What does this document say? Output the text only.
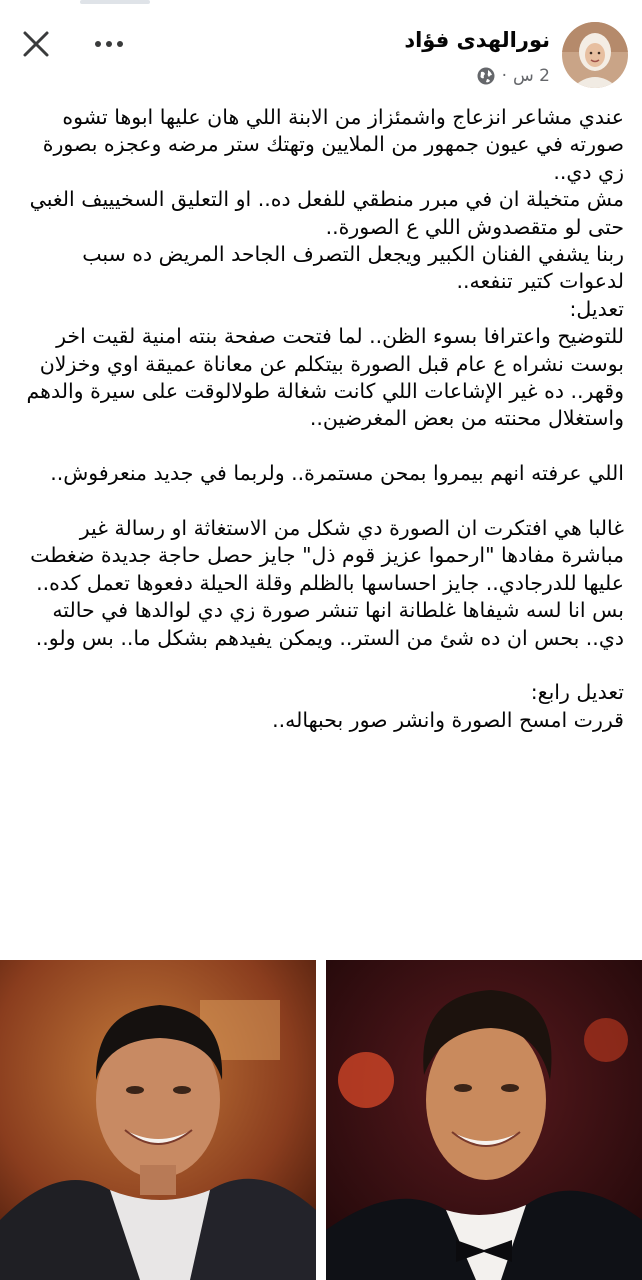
نورالهدى فؤاد
2 س
·

عندي مشاعر انزعاج واشمئزاز من الابنة اللي هان عليها ابوها تشوه صورته في عيون جمهور من الملايين وتهتك ستر مرضه وعجزه بصورة زي دي..

مش متخيلة ان في مبرر منطقي للفعل ده.. او التعليق السخيييف الغبي حتى لو متقصدوش اللي ع الصورة..

ربنا يشفي الفنان الكبير ويجعل التصرف الجاحد المريض ده سبب لدعوات كتير تنفعه..

تعديل:

للتوضيح واعترافا بسوء الظن.. لما فتحت صفحة بنته امنية لقيت اخر بوست نشراه ع عام قبل الصورة بيتكلم عن معاناة عميقة اوي وخزلان وقهر.. ده غير الإشاعات اللي كانت شغالة طولالوقت على سيرة والدهم واستغلال محنته من بعض المغرضين..

اللي عرفته انهم بيمروا بمحن مستمرة.. ولربما في جديد منعرفوش..

غالبا هي افتكرت ان الصورة دي شكل من الاستغاثة او رسالة غير مباشرة مفادها "ارحموا عزيز قوم ذل" جايز حصل حاجة جديدة ضغطت عليها للدرجادي.. جايز احساسها بالظلم وقلة الحيلة دفعوها تعمل كده..

بس انا لسه شيفاها غلطانة انها تنشر صورة زي دي لوالدها في حالته دي.. بحس ان ده شئ من الستر.. ويمكن يفيدهم بشكل ما.. بس ولو..

تعديل رابع:

قررت امسح الصورة وانشر صور بحبهاله..
